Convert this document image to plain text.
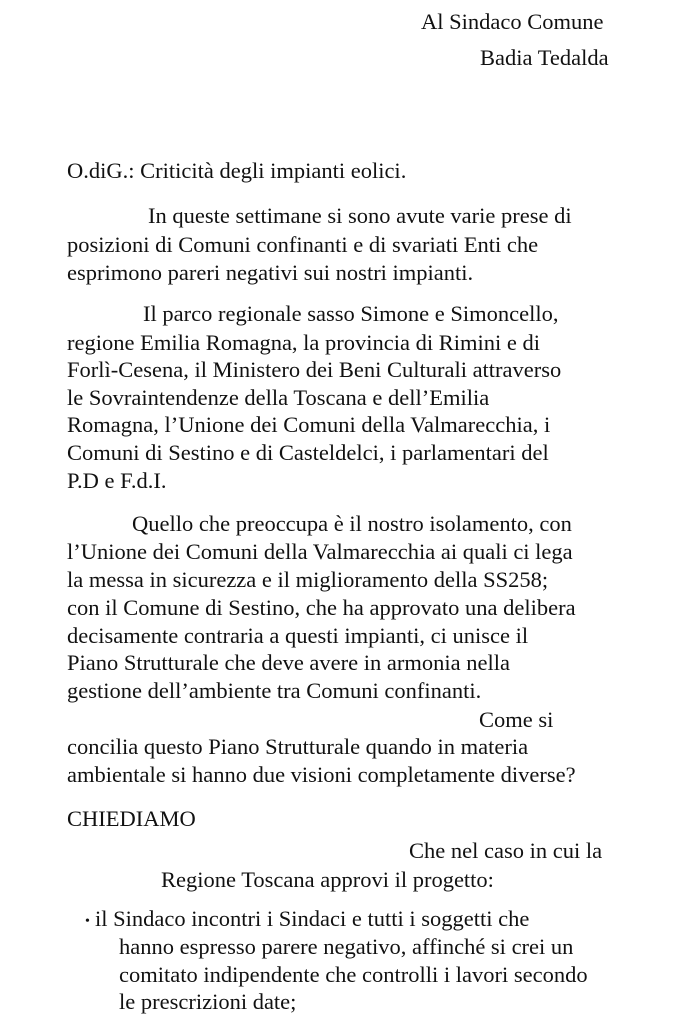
Al Sindaco Comune
Badia Tedalda
O.diG.: Criticità degli impianti eolici.
In queste settimane si sono avute varie prese di
posizioni di Comuni confinanti e di svariati Enti che
esprimono pareri negativi sui nostri impianti.
Il parco regionale sasso Simone e Simoncello,
regione Emilia Romagna, la provincia di Rimini e di
Forlì-Cesena, il Ministero dei Beni Culturali attraverso
le Sovraintendenze della Toscana e dell’Emilia
Romagna, l’Unione dei Comuni della Valmarecchia, i
Comuni di Sestino e di Casteldelci, i parlamentari del
P.D e F.d.I.
Quello che preoccupa è il nostro isolamento, con
l’Unione dei Comuni della Valmarecchia ai quali ci lega
la messa in sicurezza e il miglioramento della SS258;
con il Comune di Sestino, che ha approvato una delibera
decisamente contraria a questi impianti, ci unisce il
Piano Strutturale che deve avere in armonia nella
gestione dell’ambiente tra Comuni confinanti.
Come si
concilia questo Piano Strutturale quando in materia
ambientale si hanno due visioni completamente diverse?
CHIEDIAMO
Che nel caso in cui la
Regione Toscana approvi il progetto:
• il Sindaco incontri i Sindaci e tutti i soggetti che
hanno espresso parere negativo, affinché si crei un
comitato indipendente che controlli i lavori secondo
le prescrizioni date;
